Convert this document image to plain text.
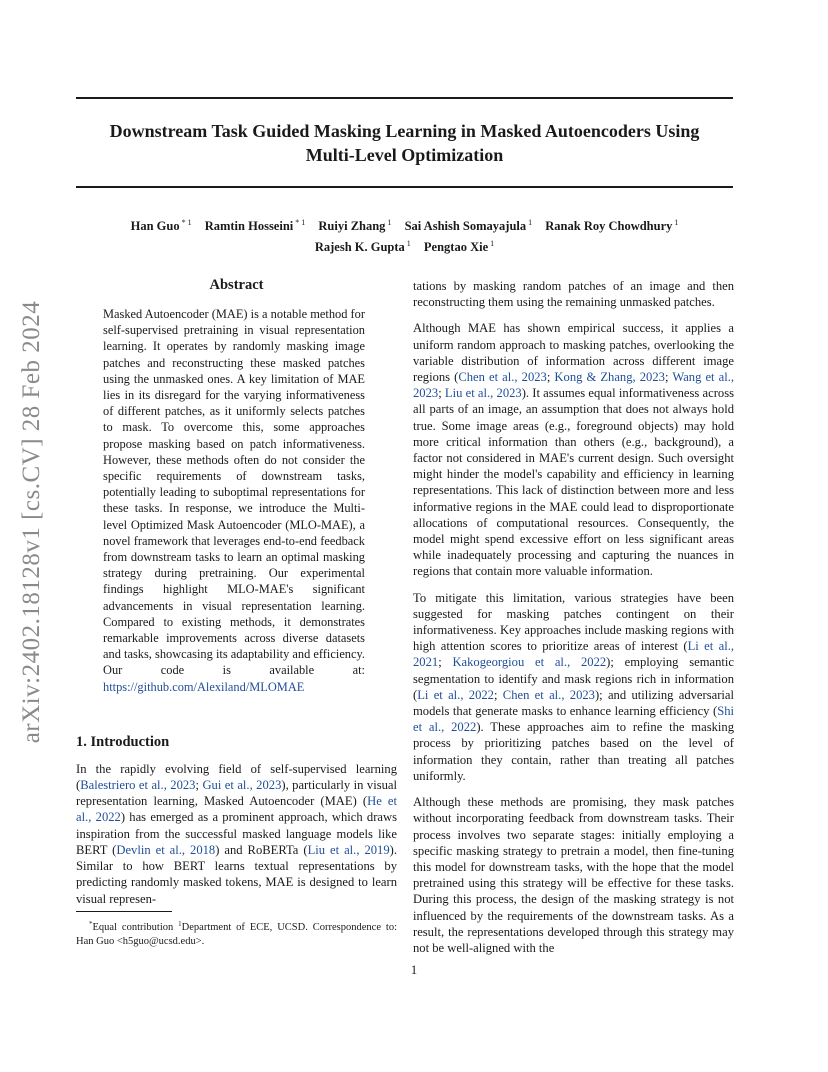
Downstream Task Guided Masking Learning in Masked Autoencoders Using
Multi-Level Optimization
Han Guo $^{* 1}$ Ramtin Hosseini $^{* 1}$ Ruiyi Zhang $^1$ Sai Ashish Somayajula $^1$ Ranak Roy Chowdhury $^1$
Rajesh K. Gupta $^1$ Pengtao Xie $^1$
arXiv:2402.18128v1 [cs.CV] 28 Feb 2024
Abstract
Masked Autoencoder (MAE) is a notable method for self-supervised pretraining in visual representation learning. It operates by randomly masking image patches and reconstructing these masked patches using the unmasked ones. A key limitation of MAE lies in its disregard for the varying informativeness of different patches, as it uniformly selects patches to mask. To overcome this, some approaches propose masking based on patch informativeness. However, these methods often do not consider the specific requirements of downstream tasks, potentially leading to suboptimal representations for these tasks. In response, we introduce the Multi-level Optimized Mask Autoencoder (MLO-MAE), a novel framework that leverages end-to-end feedback from downstream tasks to learn an optimal masking strategy during pretraining. Our experimental findings highlight MLO-MAE's significant advancements in visual representation learning. Compared to existing methods, it demonstrates remarkable improvements across diverse datasets and tasks, showcasing its adaptability and efficiency. Our code is available at: https://github.com/Alexiland/MLOMAE
1. Introduction

In the rapidly evolving field of self-supervised learning (Balestriero et al., 2023; Gui et al., 2023), particularly in visual representation learning, Masked Autoencoder (MAE) (He et al., 2022) has emerged as a prominent approach, which draws inspiration from the successful masked language models like BERT (Devlin et al., 2018) and RoBERTa (Liu et al., 2019). Similar to how BERT learns textual representations by predicting randomly masked tokens, MAE is designed to learn visual represen-

*Equal contribution $^1$Department of ECE, UCSD. Correspondence to: Han Guo <h5guo@ucsd.edu>.

tations by masking random patches of an image and then reconstructing them using the remaining unmasked patches.

Although MAE has shown empirical success, it applies a uniform random approach to masking patches, overlooking the variable distribution of information across different image regions (Chen et al., 2023; Kong & Zhang, 2023; Wang et al., 2023; Liu et al., 2023). It assumes equal informativeness across all parts of an image, an assumption that does not always hold true. Some image areas (e.g., foreground objects) may hold more critical information than others (e.g., background), a factor not considered in MAE's current design. Such oversight might hinder the model's capability and efficiency in learning representations. This lack of distinction between more and less informative regions in the MAE could lead to disproportionate allocations of computational resources. Consequently, the model might spend excessive effort on less significant areas while inadequately processing and capturing the nuances in regions that contain more valuable information.

To mitigate this limitation, various strategies have been suggested for masking patches contingent on their informativeness. Key approaches include masking regions with high attention scores to prioritize areas of interest (Li et al., 2021; Kakogeorgiou et al., 2022); employing semantic segmentation to identify and mask regions rich in information (Li et al., 2022; Chen et al., 2023); and utilizing adversarial models that generate masks to enhance learning efficiency (Shi et al., 2022). These approaches aim to refine the masking process by prioritizing patches based on the level of information they contain, rather than treating all patches uniformly.

Although these methods are promising, they mask patches without incorporating feedback from downstream tasks. Their process involves two separate stages: initially employing a specific masking strategy to pretrain a model, then fine-tuning this model for downstream tasks, with the hope that the model pretrained using this strategy will be effective for these tasks. During this process, the design of the masking strategy is not influenced by the requirements of the downstream tasks. As a result, the representations developed through this strategy may not be well-aligned with the

1
